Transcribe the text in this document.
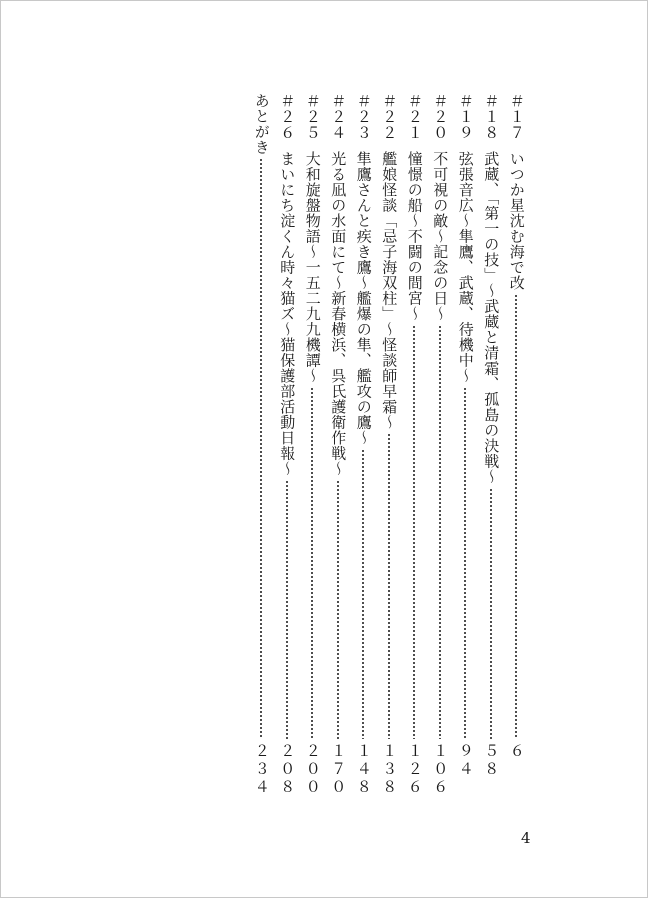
＃１７
いつか星沈む海で改
６
＃１８
武蔵、「第一の技」～武蔵と清霜、孤島の決戦～
５８
＃１９
弦張音広～隼鷹、武蔵、待機中～
９４
＃２０
不可視の敵～記念の日～
１０６
＃２１
憧憬の船～不闘の間宮～
１２６
＃２２
艦娘怪談「忌子海双柱」～怪談師早霜～
１３８
＃２３
隼鷹さんと疾き鷹～艦爆の隼、艦攻の鷹～
１４８
＃２４
光る凪の水面にて～新春横浜、呉氏護衛作戦～
１７０
＃２５
大和旋盤物語～一五二九九機譚～
２００
＃２６
まいにち淀くん時々猫ズ～猫保護部活動日報～
２０８
あとがき
２３４
4
